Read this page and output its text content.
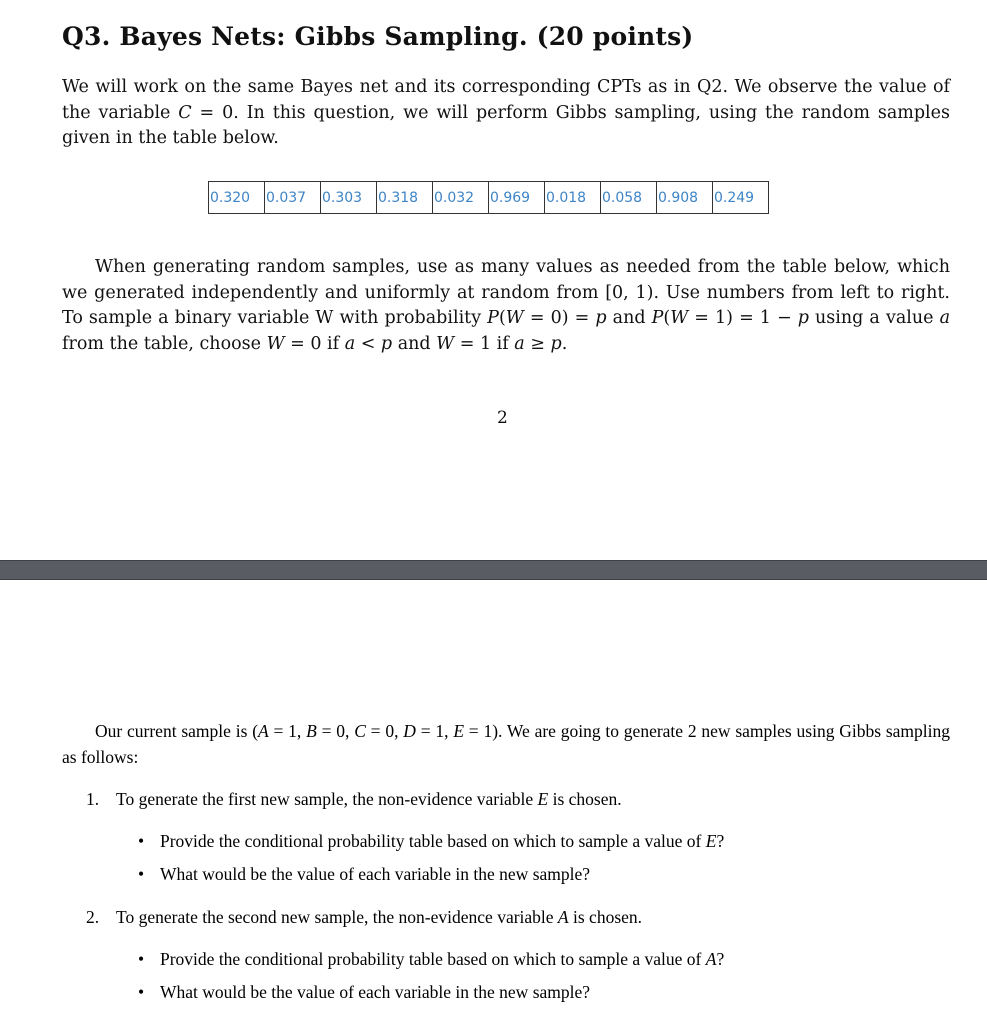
Q3. Bayes Nets: Gibbs Sampling. (20 points)

We will work on the same Bayes net and its corresponding CPTs as in Q2. We observe the value of the variable C = 0. In this question, we will perform Gibbs sampling, using the random samples given in the table below.

0.320	0.037	0.303	0.318	0.032	0.969	0.018	0.058	0.908	0.249

When generating random samples, use as many values as needed from the table below, which we generated independently and uniformly at random from [0, 1). Use numbers from left to right. To sample a binary variable W with probability P(W = 0) = p and P(W = 1) = 1 − p using a value a from the table, choose W = 0 if a < p and W = 1 if a ≥ p.

2

Our current sample is (A = 1, B = 0, C = 0, D = 1, E = 1). We are going to generate 2 new samples using Gibbs sampling as follows:

1. To generate the first new sample, the non-evidence variable E is chosen.
• Provide the conditional probability table based on which to sample a value of E?
• What would be the value of each variable in the new sample?
2. To generate the second new sample, the non-evidence variable A is chosen.
• Provide the conditional probability table based on which to sample a value of A?
• What would be the value of each variable in the new sample?
